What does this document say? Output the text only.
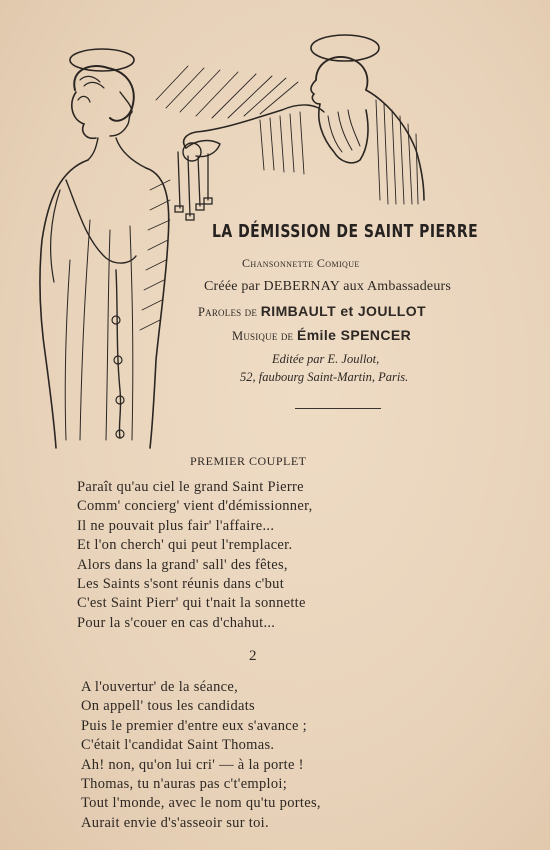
LA DÉMISSION DE SAINT PIERRE
Chansonnette Comique
Créée par DEBERNAY aux Ambassadeurs
Paroles de RIMBAULT et JOULLOT
Musique de Émile SPENCER
Editée par E. Joullot,
52, faubourg Saint-Martin, Paris.
PREMIER COUPLET
Paraît qu'au ciel le grand Saint Pierre
Comm' concierg' vient d'démissionner,
Il ne pouvait plus fair' l'affaire...
Et l'on cherch' qui peut l'remplacer.
Alors dans la grand' sall' des fêtes,
Les Saints s'sont réunis dans c'but
C'est Saint Pierr' qui t'nait la sonnette
Pour la s'couer en cas d'chahut...
2
A l'ouvertur' de la séance,
On appell' tous les candidats
Puis le premier d'entre eux s'avance ;
C'était l'candidat Saint Thomas.
Ah! non, qu'on lui cri' — à la porte !
Thomas, tu n'auras pas c't'emploi;
Tout l'monde, avec le nom qu'tu portes,
Aurait envie d's'asseoir sur toi.
